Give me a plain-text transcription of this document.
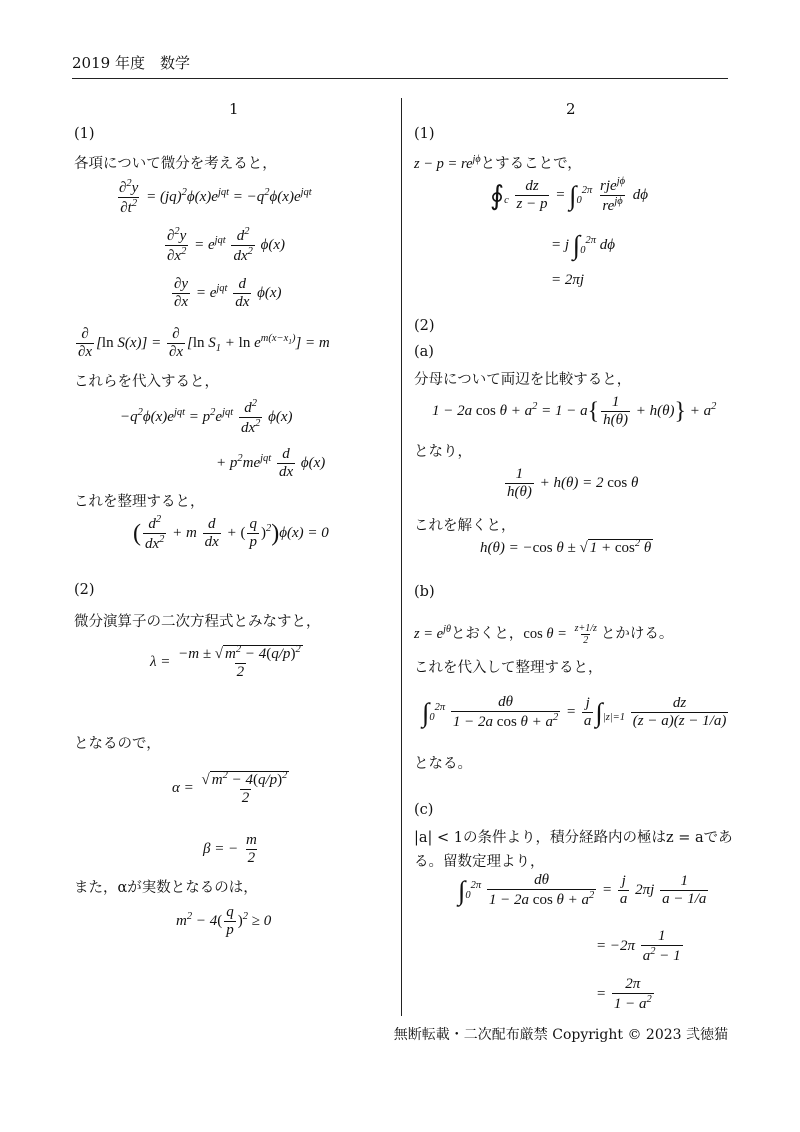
2019 年度　数学
1
(1)
各項について微分を考えると，
$\frac{\partial^2y}{\partial t^2} = (jq)^2\phi(x)e^{jqt} = -q^2\phi(x)e^{jqt}$
$\frac{\partial^2y}{\partial x^2} = e^{jqt} \frac{d^2}{dx^2} \phi(x)$
$\frac{\partial y}{\partial x} = e^{jqt} \frac{d}{dx} \phi(x)$
$\frac{\partial}{\partial x} [\ln$ $S(x)] = \frac{\partial}{\partial x} [\ln$ $S_1 + \ln e^{m(x-x_1)}] = m$
これらを代入すると，
$-q^2\phi(x)e^{jqt} = p^2e^{jqt} \frac{d^2}{dx^2} \phi(x)$
+ $p^2me^{jqt} \frac{d}{dx} \phi(x)$
これを整理すると，
( $\frac{d^2}{dx^2} + m \frac{d}{dx}$ + ( $\frac{q}{p} )^2)\phi(x) = 0$
(2)
微分演算子の二次方程式とみなすと，
$\lambda = \frac{-m \pm √ m^2 - 4(q/p)^2}{2}$
となるので，
$\alpha = \frac{√ m^2 - 4(q/p)^2}{2}$
β = − $\frac{m}{2}$
また，αが実数となるのは，
$m^2 - 4( \frac{q}{p} )^2 \ge 0$
2
(1)
$z - p = re^{j\phi}$とすることで，
$∮_c \frac{dz}{z - p} = \int_0^{2\pi} \frac{rje^{j\phi}}{re^{j\phi}}$ dϕ
= j $\int_0^{2\pi}$ dϕ
= 2πj
(2)
(a)
分母について両辺を比較すると，
1 − 2a $\cos \theta + a^2 = 1 - a\{ \frac{1}{h(\theta)} + h(\theta)\} + a^2$
となり，
$\frac{1}{h(\theta)} + h(\theta) = 2$ cos θ
これを解くと，
h(θ) = −cos θ ± √ $1 + \cos^2 \theta$
(b)
$z = e^{j\theta}$とおくと，$\cos \theta = \frac{z+1/z}{2}$ とかける。
これを代入して整理すると，
$\int_0^{2\pi} \frac{d\theta}{1 - 2a \cos \theta + a^2} = \frac{j}{a} \int_{|z|=1} \frac{dz}{(z - a)(z - 1/a)}$
となる。
(c)
|a| < 1の条件より，積分経路内の極はz = aであ
る。留数定理より，
$\int_0^{2\pi} \frac{d\theta}{1 - 2a \cos \theta + a^2} = \frac{j}{a} 2\pi j \frac{1}{a - 1/a}$
= $-2\pi \frac{1}{a^2 - 1}$
= $\frac{2\pi}{1 - a^2}$
無断転載・二次配布厳禁 Copyright © 2023 弐徳猫
